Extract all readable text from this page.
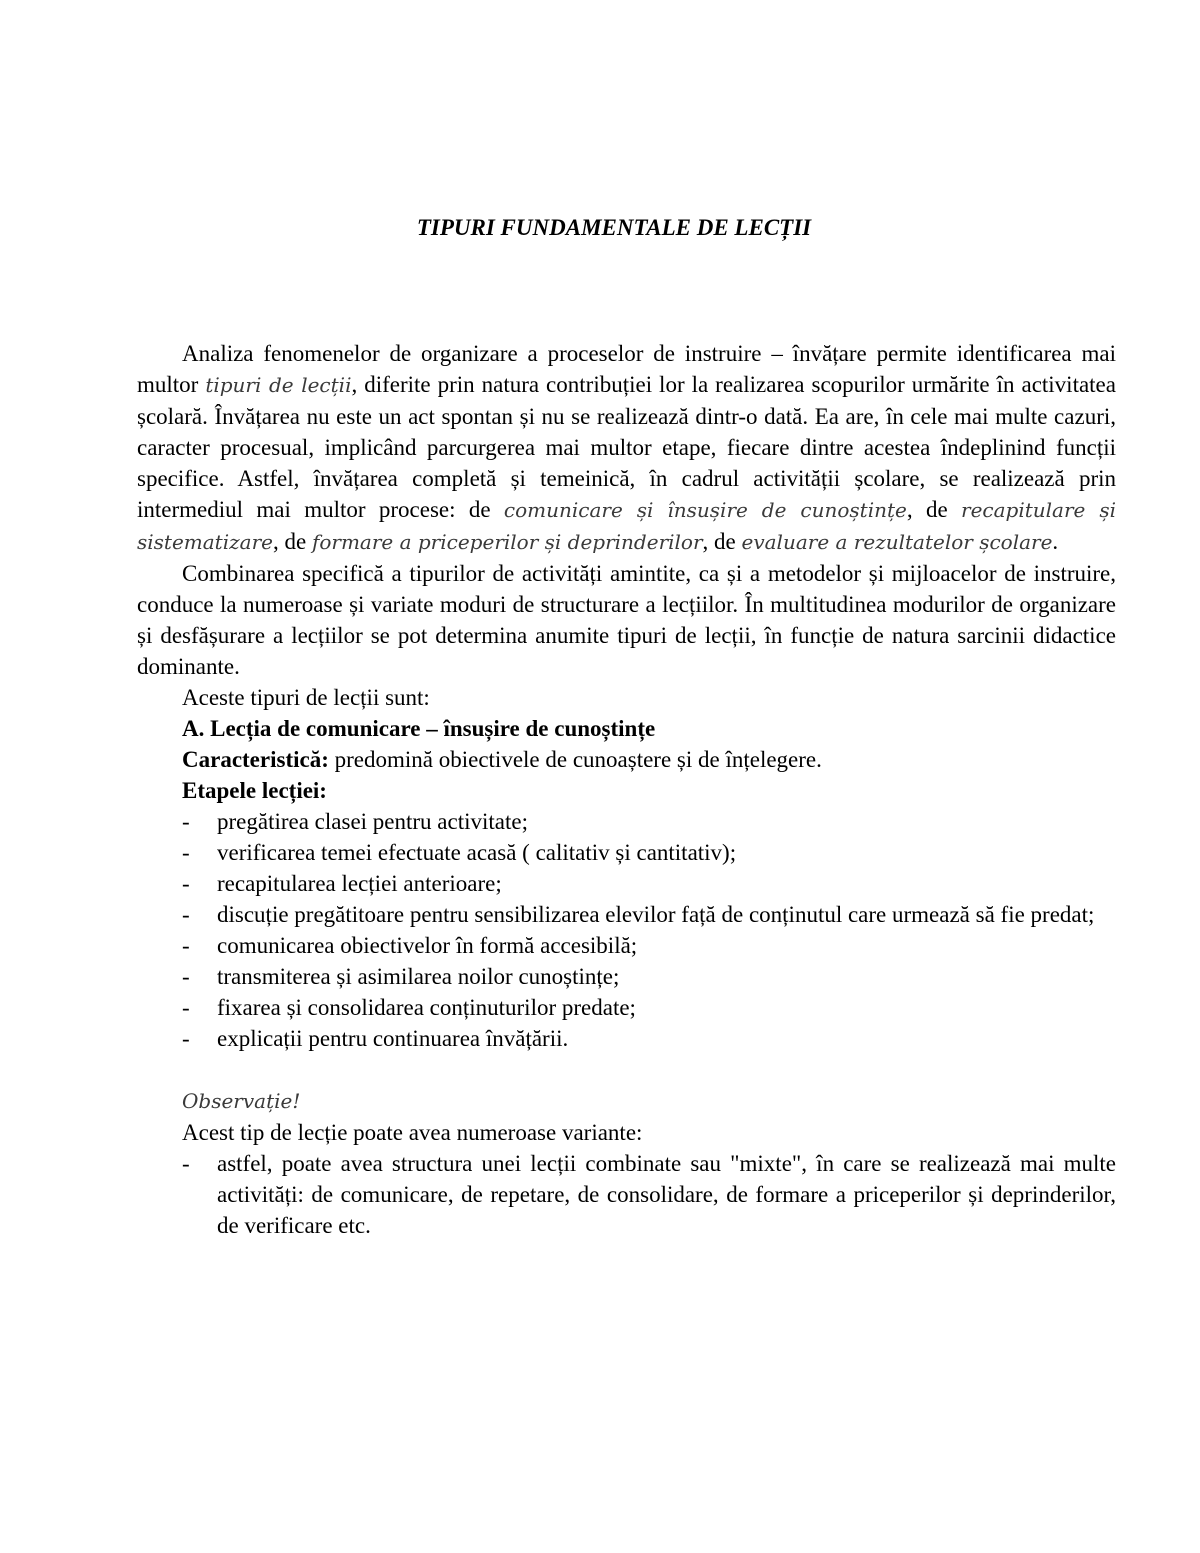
TIPURI FUNDAMENTALE DE LECȚII

Analiza fenomenelor de organizare a proceselor de instruire – învățare permite identificarea mai multor tipuri de lecții, diferite prin natura contribuției lor la realizarea scopurilor urmărite în activitatea școlară. Învățarea nu este un act spontan și nu se realizează dintr-o dată. Ea are, în cele mai multe cazuri, caracter procesual, implicând parcurgerea mai multor etape, fiecare dintre acestea îndeplinind funcții specifice. Astfel, învățarea completă și temeinică, în cadrul activității școlare, se realizează prin intermediul mai multor procese: de comunicare și însușire de cunoștințe, de recapitulare și sistematizare, de formare a priceperilor și deprinderilor, de evaluare a rezultatelor școlare.

Combinarea specifică a tipurilor de activități amintite, ca și a metodelor și mijloacelor de instruire, conduce la numeroase și variate moduri de structurare a lecțiilor. În multitudinea modurilor de organizare și desfășurare a lecțiilor se pot determina anumite tipuri de lecții, în funcție de natura sarcinii didactice dominante.

Aceste tipuri de lecții sunt:

A. Lecția de comunicare – însușire de cunoștințe

Caracteristică: predomină obiectivele de cunoaștere și de înțelegere.

Etapele lecției:

- pregătirea clasei pentru activitate;
- verificarea temei efectuate acasă ( calitativ și cantitativ);
- recapitularea lecției anterioare;
- discuție pregătitoare pentru sensibilizarea elevilor față de conținutul care urmează să fie predat;
- comunicarea obiectivelor în formă accesibilă;
- transmiterea și asimilarea noilor cunoștințe;
- fixarea și consolidarea conținuturilor predate;
- explicații pentru continuarea învățării.

Observație!

Acest tip de lecție poate avea numeroase variante:

- astfel, poate avea structura unei lecții combinate sau "mixte", în care se realizează mai multe activități: de comunicare, de repetare, de consolidare, de formare a priceperilor și deprinderilor, de verificare etc.
